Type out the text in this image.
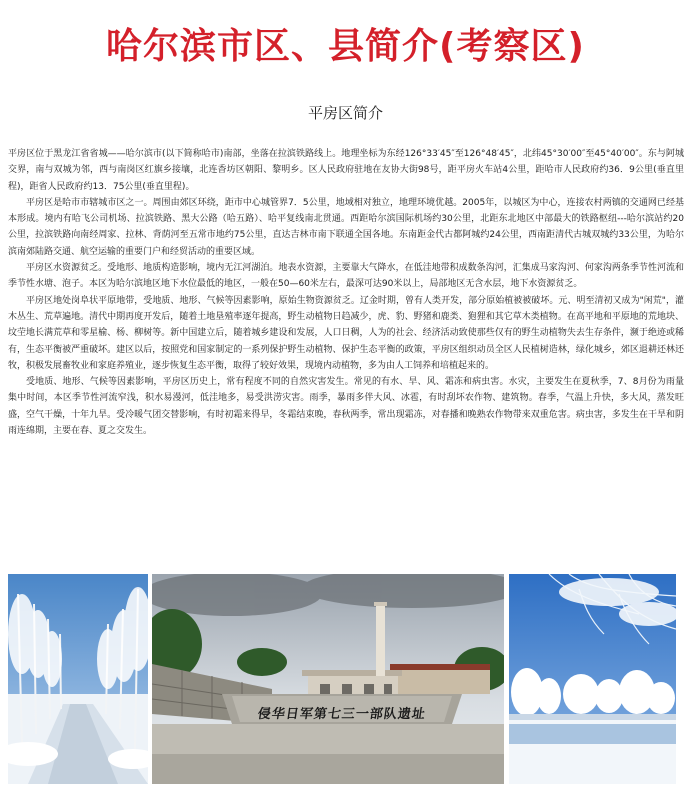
哈尔滨市区、县简介(考察区)
平房区简介

平房区位于黑龙江省省城——哈尔滨市(以下简称哈市)南部，坐落在拉滨铁路线上。地理坐标为东经126°33′45″至126°48′45″，北纬45°30′00″至45°40′00″。东与阿城交界，南与双城为邻，西与南岗区红旗乡接壤，北连香坊区朝阳、黎明乡。区人民政府驻地在友协大街98号，距平房火车站4公里，距哈市人民政府约36．9公里(垂直里程)，距省人民政府约13．75公里(垂直里程)。

平房区是哈市市辖城市区之一。周围由郊区环绕，距市中心城管界7．5公里，地域相对独立，地理环境优越。2005年，以城区为中心，连接农村两镇的交通网已经基本形成。境内有哈飞公司机场、拉滨铁路、黑大公路（哈五路）、哈平复线南北贯通。西距哈尔滨国际机场约30公里，北距东北地区中部最大的铁路枢纽---哈尔滨站约20公里，拉滨铁路向南经周家、拉林、背荫河至五常市地约75公里，直达吉林市南下联通全国各地。东南距金代古都阿城约24公里，西南距清代古城双城约33公里，为哈尔滨南郊陆路交通、航空运输的重要门户和经贸活动的重要区域。

平房区水资源贫乏。受地形、地质构造影响，境内无江河湖泊。地表水资源，主要靠大气降水，在低洼地带积成数条沟河，汇集成马家沟河、何家沟两条季节性河流和季节性水塘、泡子。本区为哈尔滨地区地下水位最低的地区，一般在50—60米左右，最深可达90米以上，局部地区无含水层，地下水资源贫乏。

平房区地处岗阜状平原地带，受地质、地形、气候等因素影响，原始生物资源贫乏。辽金时期，曾有人类开发，部分原始植被被破坏。元、明至清初又成为"闲荒"，灌木丛生、荒草遍地。清代中期再度开发后，随着土地垦殖率逐年提高，野生动植物日趋减少，虎、豹、野猪和鹿类、狍狸和其它草木类植物。在高平地和平原地的荒地块、坟茔地长满荒草和零星榆、杨、柳树等。新中国建立后，随着城乡建设和发展，人口日稠，人为的社会、经济活动致使那些仅有的野生动植物失去生存条件，濒于绝迹或稀有，生态平衡被严重破坏。建区以后，按照党和国家制定的一系列保护野生动植物、保护生态平衡的政策，平房区组织动员全区人民植树造林，绿化城乡，郊区退耕还林还牧，积极发展畜牧业和家庭养殖业，逐步恢复生态平衡，取得了较好效果，现境内动植物，多为由人工饲养和培植起来的。

受地质、地形、气候等因素影响，平房区历史上，常有程度不同的自然灾害发生。常见的有水、旱、风、霜冻和病虫害。水灾，主要发生在夏秋季，7、8月份为雨量集中时间，本区季节性河流窄浅，积水易漫河，低洼地多，易受洪涝灾害。雨季，暴雨多伴大风、冰雹，有时刮坏农作物、建筑物。春季，气温上升快，多大风，蒸发旺盛，空气干燥，十年九旱。受冷暖气团交替影响，有时初霜来得早，冬霜结束晚，春秋两季，常出现霜冻，对春播和晚熟农作物带来双重危害。病虫害，多发生在干旱和阴雨连绵期，主要在春、夏之交发生。

侵华日军第七三一部队遗址
